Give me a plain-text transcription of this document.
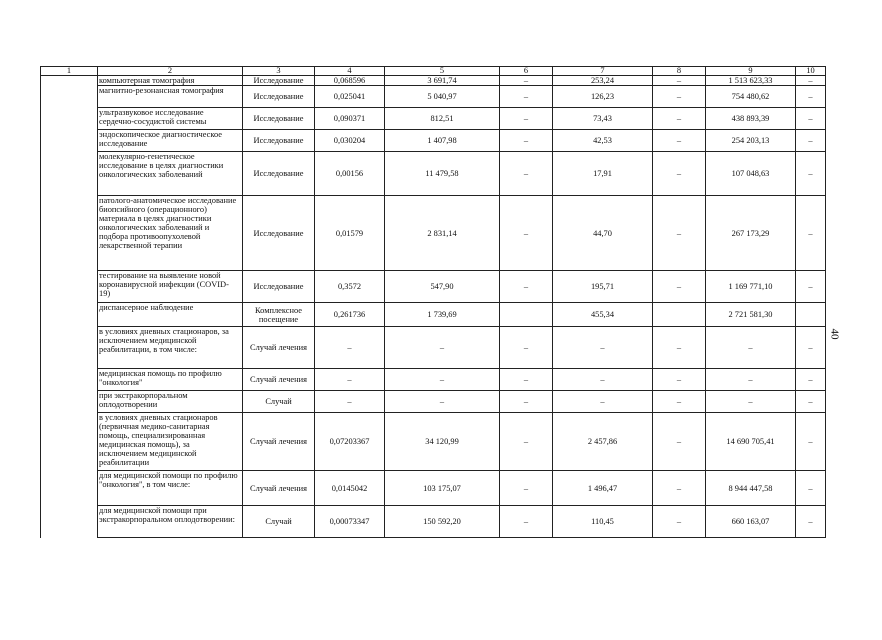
1	2	3	4	5	6	7	8	9	10
	компьютерная томография	Исследование	0,068596	3 691,74	–	253,24	–	1 513 623,33	–
	магнитно-резонансная томография	Исследование	0,025041	5 040,97	–	126,23	–	754 480,62	–
	ультразвуковое исследование сердечно-сосудистой системы	Исследование	0,090371	812,51	–	73,43	–	438 893,39	–
	эндоскопическое диагностическое исследование	Исследование	0,030204	1 407,98	–	42,53	–	254 203,13	–
	молекулярно-генетическое исследование в целях диагностики онкологических заболеваний	Исследование	0,00156	11 479,58	–	17,91	–	107 048,63	–
	патолого-анатомическое исследование биопсийного (операционного) материала в целях диагностики онкологических заболеваний и подбора противоопухолевой лекарственной терапии	Исследование	0,01579	2 831,14	–	44,70	–	267 173,29	–
	тестирование на выявление новой коронавирусной инфекции (COVID-19)	Исследование	0,3572	547,90	–	195,71	–	1 169 771,10	–
	диспансерное наблюдение	Комплексное посещение	0,261736	1 739,69		455,34		2 721 581,30	
	в условиях дневных стационаров, за исключением медицинской реабилитации, в том числе:	Случай лечения	–	–	–	–	–	–	–
	медицинская помощь по профилю "онкология"	Случай лечения	–	–	–	–	–	–	–
	при экстракорпоральном оплодотворении	Случай	–	–	–	–	–	–	–
	в условиях дневных стационаров (первичная медико-санитарная помощь, специализированная медицинская помощь), за исключением медицинской реабилитации	Случай лечения	0,07203367	34 120,99	–	2 457,86	–	14 690 705,41	–
	для медицинской помощи по профилю "онкология", в том числе:	Случай лечения	0,0145042	103 175,07	–	1 496,47	–	8 944 447,58	–
	для медицинской помощи при экстракорпоральном оплодотворении:	Случай	0,00073347	150 592,20	–	110,45	–	660 163,07	–
40
